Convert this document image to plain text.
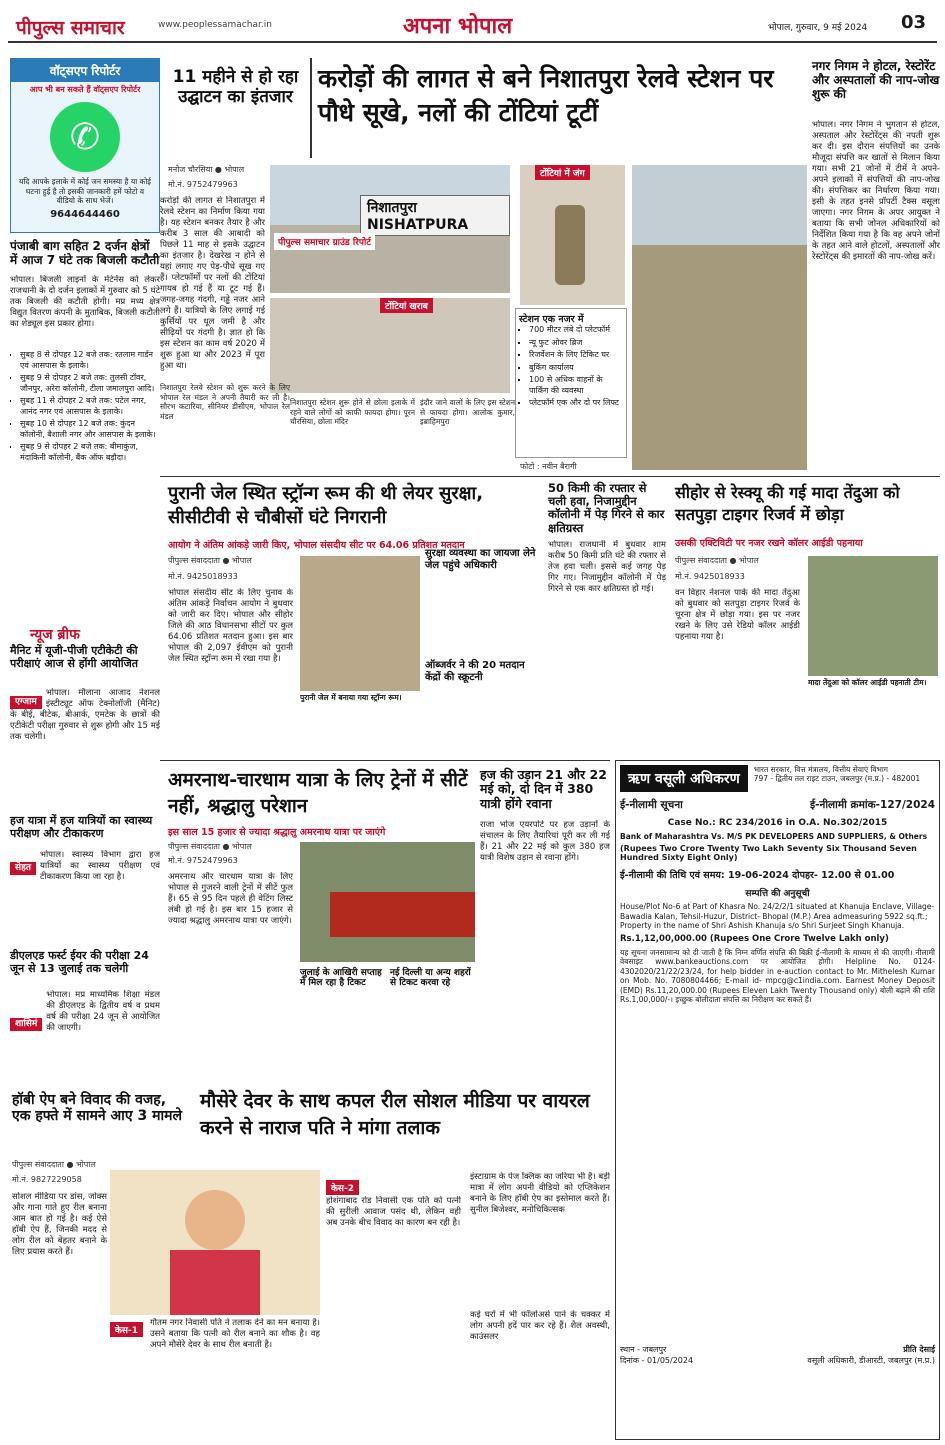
पीपुल्स समाचार	www.peoplessamachar.in	अपना भोपाल	भोपाल, गुरुवार, 9 मई 2024 03
वॉट्सएप रिपोर्टर
आप भी बन सकते हैं वॉट्सएप रिपोर्टर
✆
यदि आपके इलाके में कोई जन समस्या है या कोई घटना हुई है तो इसकी जानकारी हमें फोटो व वीडियो के साथ भेजें।
9644644460
पंजाबी बाग सहित 2 दर्जन क्षेत्रों में आज 7 घंटे तक बिजली कटौती
भोपाल। बिजली लाइनों के मेंटेनेंस को लेकर राजधानी के दो दर्जन इलाकों में गुरुवार को 5 घंटे तक बिजली की कटौती होगी। मप्र मध्य क्षेत्र विद्युत वितरण कंपनी के मुताबिक, बिजली कटौती का शेड्यूल इस प्रकार होगा।
▪ सुबह 8 से दोपहर 12 बजे तक: रतलाम गार्डन एवं आसपास के इलाके।
▪ सुबह 9 से दोपहर 2 बजे तक: तुलसी टॉवर, जौनपुर, अरेरा कॉलोनी, टीला जमालपुरा आदि।
▪ सुबह 11 से दोपहर 2 बजे तक: पटेल नगर, आनंद नगर एवं आसपास के इलाके।
▪ सुबह 10 से दोपहर 12 बजे तक: कुंदन कॉलोनी, बैशाली नगर और आसपास के इलाके।
▪ सुबह 9 से दोपहर 2 बजे तक: बीमाकुंज, मंदाकिनी कॉलोनी, बैंक ऑफ बड़ौदा।
न्यूज ब्रीफ
मैनिट में यूजी-पीजी एटीकेटी की परीक्षाएं आज से होंगी आयोजित
एग्जाम
भोपाल। मौलाना आजाद नेशनल इंस्टीट्यूट ऑफ टेक्नोलॉजी (मैनिट) के बीई, बीटेक, बीआर्क, एमटेक के छात्रों की एटीकेटी परीक्षा गुरुवार से शुरू होगी और 15 मई तक चलेगी।
हज यात्रा में हज यात्रियों का स्वास्थ्य परीक्षण और टीकाकरण
सेहत
भोपाल। स्वास्थ्य विभाग द्वारा हज यात्रियों का स्वास्थ्य परीक्षण एवं टीकाकरण किया जा रहा है।
डीएलएड फर्स्ट ईयर की परीक्षा 24 जून से 13 जुलाई तक चलेगी
शासिमं
भोपाल। मप्र माध्यमिक शिक्षा मंडल की डीएलएड के द्वितीय वर्ष व प्रथम वर्ष की परीक्षा 24 जून से आयोजित की जाएगी।
11 महीने से हो रहा उद्घाटन का इंतजार
करोड़ों की लागत से बने निशातपुरा रेलवे स्टेशन पर पौधे सूखे, नलों की टोंटियां टूटीं
मनोज चौरसिया ● भोपाल
मो.नं. 9752479963
करोड़ों की लागत से निशातपुरा में रेलवे स्टेशन का निर्माण किया गया है। यह स्टेशन बनकर तैयार है और करीब 3 साल की आबादी को पिछले 11 माह से इसके उद्घाटन का इंतजार है। देखरेख न होने से यहां लगाए गए पेड़-पौधे सूख गए हैं। प्लेटफॉर्मों पर नलों की टोंटियां गायब हो गई हैं या टूट गई हैं। जगह-जगह गंदगी, गड्ढे नजर आने लगे हैं। यात्रियों के लिए लगाई गई कुर्सियों पर धूल जमी है और सीढ़ियों पर गंदगी है। ज्ञात हो कि इस स्टेशन का काम वर्ष 2020 में शुरू हुआ था और 2023 में पूरा हुआ था।
निशातपुरा NISHATPURA
पीपुल्स समाचार ग्राउंड रिपोर्ट
टोंटियां में जंग
टोंटियां खराब
स्टेशन एक नजर में
▪ 700 मीटर लंबे दो प्लेटफॉर्म
▪ न्यू फुट ओवर ब्रिज
▪ रिजर्वेशन के लिए टिकिट घर
▪ बुकिंग कार्यालय
▪ 100 से अधिक वाहनों के पार्किंग की व्यवस्था
▪ प्लेटफॉर्म एक और दो पर लिफ्ट
निशातपुरा रेलवे स्टेशन को शुरू करने के लिए भोपाल रेल मंडल ने अपनी तैयारी कर ली है। सौरभ कटारिया, सीनियर डीसीएम, भोपाल रेल मंडल
निशातपुरा स्टेशन शुरू होने से छोला इलाके में रहने वाले लोगों को काफी फायदा होगा। पूरन चौरसिया, छोला मंदिर
इंदौर जाने वालों के लिए इस स्टेशन से फायदा होगा। आलोक कुमार, इब्राहिमपुरा
फोटो : नवीन बैरागी
नगर निगम ने होटल, रेस्टोरेंट और अस्पतालों की नाप-जोख शुरू की
भोपाल। नगर निगम ने भुगतान से होटल, अस्पताल और रेस्टोरेंट्स की नपती शुरू कर दी। इस दौरान संपत्तियों का उनके मौजूदा संपत्ति कर खातों से मिलान किया गया। सभी 21 जोनों में टीमें ने अपने-अपने इलाकों में संपत्तियों की नाप-जोख की। संपत्तिकर का निर्धारण किया गया। इसी के तहत इनसे प्रॉपर्टी टैक्स वसूला जाएगा। नगर निगम के अपर आयुक्त ने बताया कि सभी जोनल अधिकारियों को निर्देशित किया गया है कि वह अपने जोनों के तहत आने वाले होटलों, अस्पतालों और रेस्टोरेंट्स की इमारतों की नाप-जोख करें।
पुरानी जेल स्थित स्ट्रॉन्ग रूम की थी लेयर सुरक्षा, सीसीटीवी से चौबीसों घंटे निगरानी
आयोग ने अंतिम आंकड़े जारी किए, भोपाल संसदीय सीट पर 64.06 प्रतिशत मतदान
पीपुल्स संवाददाता ● भोपाल
मो.नं. 9425018933
भोपाल संसदीय सीट के लिए चुनाव के अंतिम आंकड़े निर्वाचन आयोग ने बुधवार को जारी कर दिए। भोपाल और सीहोर जिले की आठ विधानसभा सीटों पर कुल 64.06 प्रतिशत मतदान हुआ। इस बार भोपाल की 2,097 ईवीएम को पुरानी जेल स्थित स्ट्रॉन्ग रूम में रखा गया है।
पुरानी जेल में बनाया गया स्ट्रॉन्ग रूम।
सुरक्षा व्यवस्था का जायजा लेने जेल पहुंचे अधिकारी
ऑब्जर्वर ने की 20 मतदान केंद्रों की स्क्रूटनी
50 किमी की रफ्तार से चली हवा, निजामुद्दीन कॉलोनी में पेड़ गिरने से कार क्षतिग्रस्त
भोपाल। राजधानी में बुधवार शाम करीब 50 किमी प्रति घंटे की रफ्तार से तेज हवा चली। इससे कई जगह पेड़ गिर गए। निजामुद्दीन कॉलोनी में पेड़ गिरने से एक कार क्षतिग्रस्त हो गई।
सीहोर से रेस्क्यू की गई मादा तेंदुआ को सतपुड़ा टाइगर रिजर्व में छोड़ा
उसकी एक्टिविटी पर नजर रखने कॉलर आईडी पहनाया
पीपुल्स संवाददाता ● भोपाल
मो.नं. 9425018933
वन विहार नेशनल पार्क की मादा तेंदुआ को बुधवार को सतपुड़ा टाइगर रिजर्व के चूरना क्षेत्र में छोड़ा गया। इस पर नजर रखने के लिए उसे रेडियो कॉलर आईडी पहनाया गया है।
मादा तेंदुआ को कॉलर आईडी पहनाती टीम।
अमरनाथ-चारधाम यात्रा के लिए ट्रेनों में सीटें नहीं, श्रद्धालु परेशान
इस साल 15 हजार से ज्यादा श्रद्धालु अमरनाथ यात्रा पर जाएंगे
पीपुल्स संवाददाता ● भोपाल
मो.नं. 9752479963
अमरनाथ और चारधाम यात्रा के लिए भोपाल से गुजरने वाली ट्रेनों में सीटें फुल हैं। 65 से 95 दिन पहले ही वेटिंग लिस्ट लंबी हो गई है। इस बार 15 हजार से ज्यादा श्रद्धालु अमरनाथ यात्रा पर जाएंगे।
जुलाई के आखिरी सप्ताह में मिल रहा है टिकट
नई दिल्ली या अन्य शहरों से टिकट करवा रहे
हज की उड़ान 21 और 22 मई को, दो दिन में 380 यात्री होंगे रवाना
राजा भोज एयरपोर्ट पर हज उड़ानों के संचालन के लिए तैयारियां पूरी कर ली गई हैं। 21 और 22 मई को कुल 380 हज यात्री विशेष उड़ान से रवाना होंगे।
ऋण वसूली अधिकरण
भारत सरकार, वित्त मंत्रालय, वित्तीय सेवाएं विभाग
797 - द्वितीय तल राइट टाउन, जबलपुर (म.प्र.) - 482001
ई-नीलामी सूचना	ई-नीलामी क्रमांक-127/2024
Case No.: RC 234/2016 in O.A. No.302/2015
Bank of Maharashtra Vs. M/S PK DEVELOPERS AND SUPPLIERS, & Others
(Rupees Two Crore Twenty Two Lakh Seventy Six Thousand Seven Hundred Sixty Eight Only)
ई-नीलामी की तिथि एवं समय: 19-06-2024 दोपहर- 12.00 से 01.00
सम्पत्ति की अनुसूची
House/Plot No-6 at Part of Khasra No. 24/2/2/1 situated at Khanuja Enclave, Village- Bawadia Kalan, Tehsil-Huzur, District- Bhopal (M.P.) Area admeasuring 5922 sq.ft.; Property in the name of Shri Ashish Khanuja s/o Shri Surjeet Singh Khanuja.
Rs.1,12,00,000.00 (Rupees One Crore Twelve Lakh only)
यह सूचना जनसामान्य को दी जाती है कि निम्न वर्णित संपत्ति की बिक्री ई-नीलामी के माध्यम से की जाएगी। नीलामी वेबसाइट www.bankeauctions.com पर आयोजित होगी। Helpline No. 0124-4302020/21/22/23/24, for help bidder in e-auction contact to Mr. Mithelesh Kumar on Mob. No. 7080804466; E-mail id- mpcg@c1india.com. Earnest Money Deposit (EMD) Rs.11,20,000.00 (Rupees Eleven Lakh Twenty Thousand only) बोली बढ़ाने की राशि Rs.1,00,000/-। इच्छुक बोलीदाता संपत्ति का निरीक्षण कर सकते हैं।
स्थान - जबलपुर
दिनांक - 01/05/2024
प्रीति देसाई
वसूली अधिकारी, डीआरटी, जबलपुर (म.प्र.)
हॉबी ऐप बने विवाद की वजह, एक हफ्ते में सामने आए 3 मामले
पीपुल्स संवाददाता ● भोपाल
मो.नं. 9827229058
सोशल मीडिया पर डांस, जोक्स और गाना गाते हुए रील बनाना आम बात हो गई है। कई ऐसे हॉबी ऐप हैं, जिनकी मदद से लोग रील को बेहतर बनाने के लिए प्रयास करते हैं।
मौसेरे देवर के साथ कपल रील सोशल मीडिया पर वायरल करने से नाराज पति ने मांगा तलाक
केस-1
गौतम नगर निवासी पति ने तलाक देने का मन बनाया है। उसने बताया कि पत्नी को रील बनाने का शौक है। वह अपने मौसेरे देवर के साथ रील बनाती है।
केस-2
होशंगाबाद रोड निवासी एक पति को पत्नी की सुरीली आवाज पसंद थी, लेकिन वही अब उनके बीच विवाद का कारण बन रही है।
इंस्टाग्राम के पेज क्लिक का जरिया भी है। बड़ी मात्रा में लोग अपनी वीडियो को एप्लिकेशन बनाने के लिए हॉबी ऐप का इस्तेमाल करते हैं। सुनील बिजेश्वर, मनोचिकित्सक
कई घरों में भी फॉलोअर्स पाने के चक्कर में लोग अपनी हदें पार कर रहे हैं। शैल अवस्थी, काउंसलर
